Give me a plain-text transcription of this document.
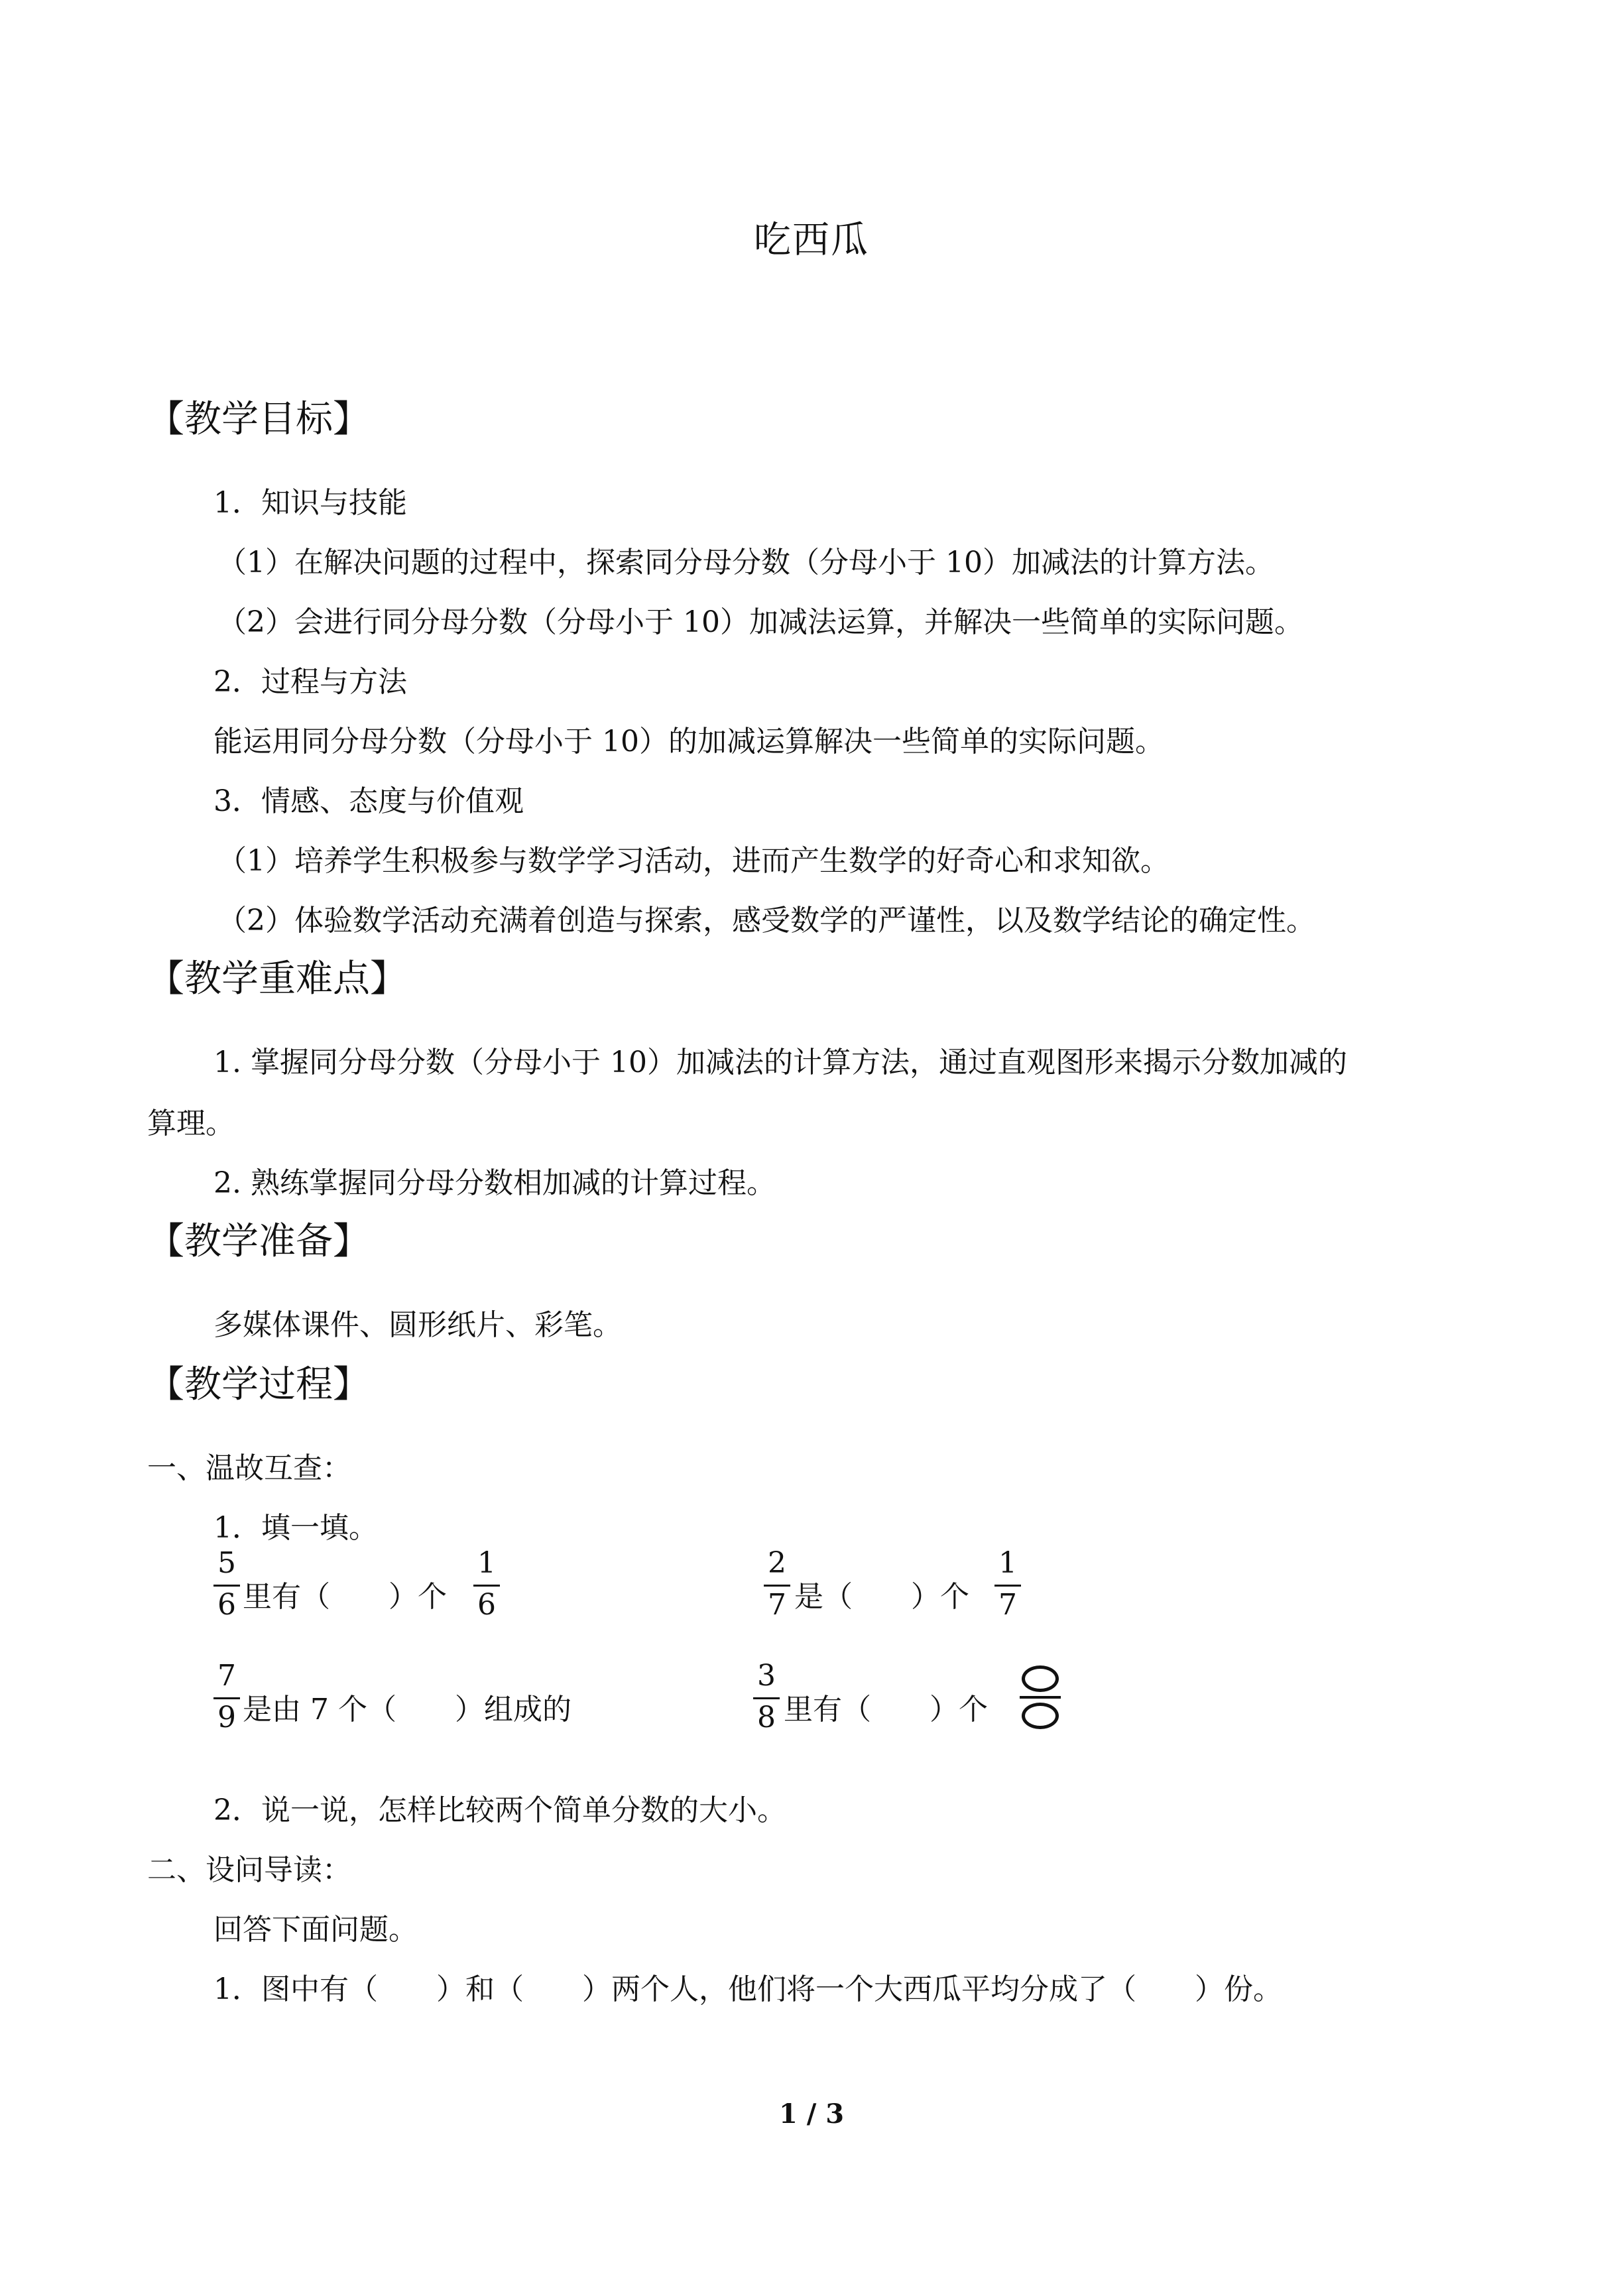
吃西瓜
【教学目标】
1．知识与技能
（1）在解决问题的过程中，探索同分母分数（分母小于 10）加减法的计算方法。
（2）会进行同分母分数（分母小于 10）加减法运算，并解决一些简单的实际问题。
2．过程与方法
能运用同分母分数（分母小于 10）的加减运算解决一些简单的实际问题。
3．情感、态度与价值观
（1）培养学生积极参与数学学习活动，进而产生数学的好奇心和求知欲。
（2）体验数学活动充满着创造与探索，感受数学的严谨性，以及数学结论的确定性。
【教学重难点】
1. 掌握同分母分数（分母小于 10）加减法的计算方法，通过直观图形来揭示分数加减的
算理。
2. 熟练掌握同分母分数相加减的计算过程。
【教学准备】
多媒体课件、圆形纸片、彩笔。
【教学过程】
一、温故互查：
1．填一填。
5
6 里有（　　）个
1
6
2
7 是（　　）个
1
7
7
9 是由 7 个（　　）组成的
3
8 里有（　　）个
2．说一说，怎样比较两个简单分数的大小。
二、设问导读：
回答下面问题。
1．图中有（　　）和（　　）两个人，他们将一个大西瓜平均分成了（　　）份。
1 / 3
